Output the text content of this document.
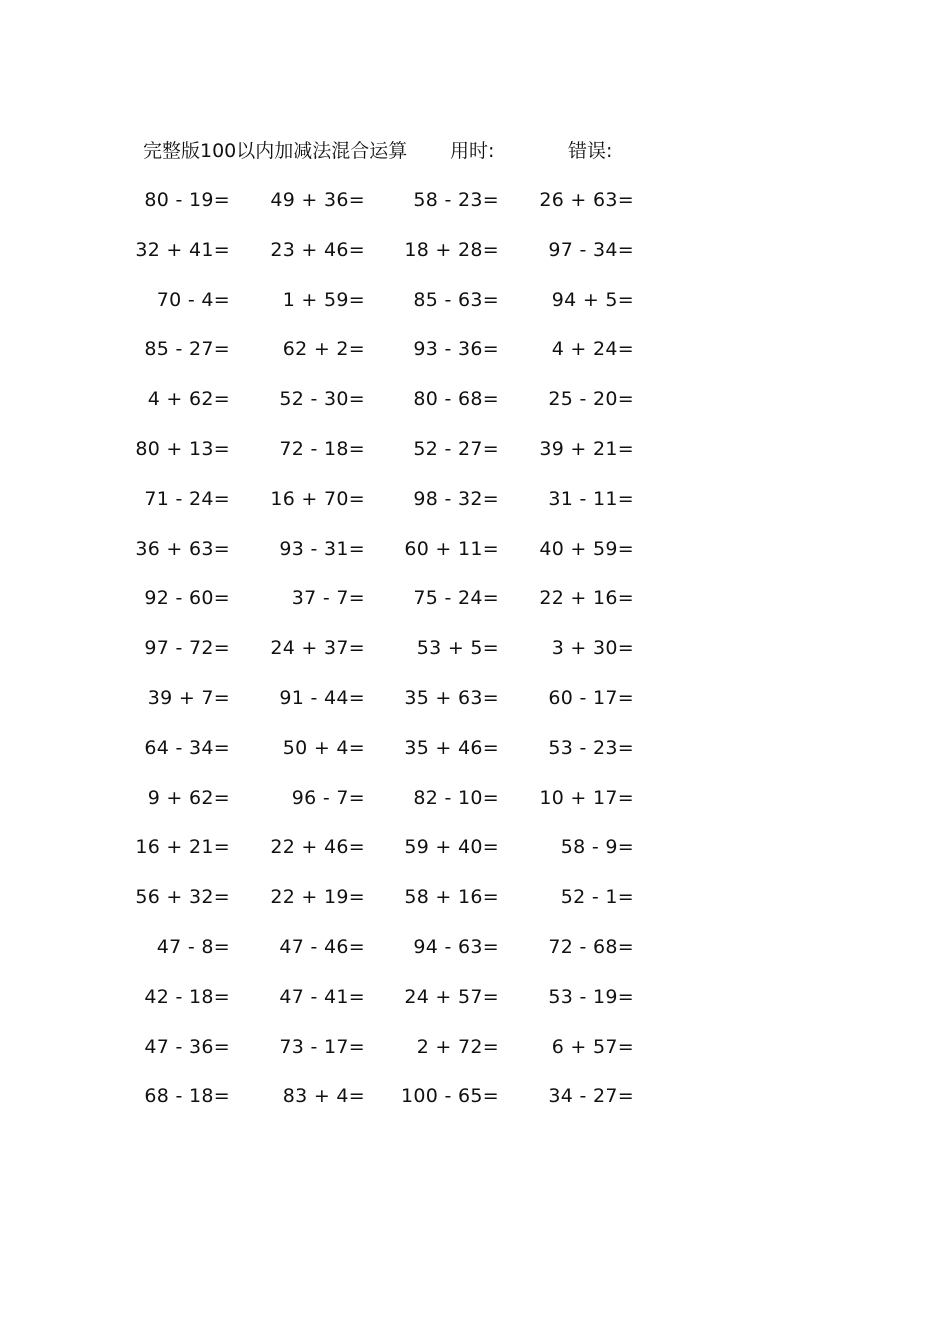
完整版100以内加减法混合运算 用时:	错误:
80 - 19= 49 + 36=	58 - 23= 26 + 63=
32 + 41= 23 + 46= 18 + 28=	97 - 34=
70 - 4=	1 + 59=	85 - 63=	94 + 5=
85 - 27=	62 + 2=	93 - 36=	4 + 24=
4 + 62=	52 - 30=	80 - 68=	25 - 20=
80 + 13=	72 - 18=	52 - 27= 39 + 21=
71 - 24= 16 + 70=	98 - 32=	31 - 11=
36 + 63=	93 - 31= 60 + 11= 40 + 59=
92 - 60=	37 - 7=	75 - 24= 22 + 16=
97 - 72= 24 + 37=	53 + 5=	3 + 30=
39 + 7=	91 - 44= 35 + 63=	60 - 17=
64 - 34=	50 + 4= 35 + 46=	53 - 23=
9 + 62=	96 - 7=	82 - 10= 10 + 17=
16 + 21= 22 + 46= 59 + 40=	58 - 9=
56 + 32= 22 + 19= 58 + 16=	52 - 1=
47 - 8=	47 - 46=	94 - 63=	72 - 68=
42 - 18=	47 - 41= 24 + 57=	53 - 19=
47 - 36=	73 - 17=	2 + 72=	6 + 57=
68 - 18=	83 + 4= 100 - 65=	34 - 27=
